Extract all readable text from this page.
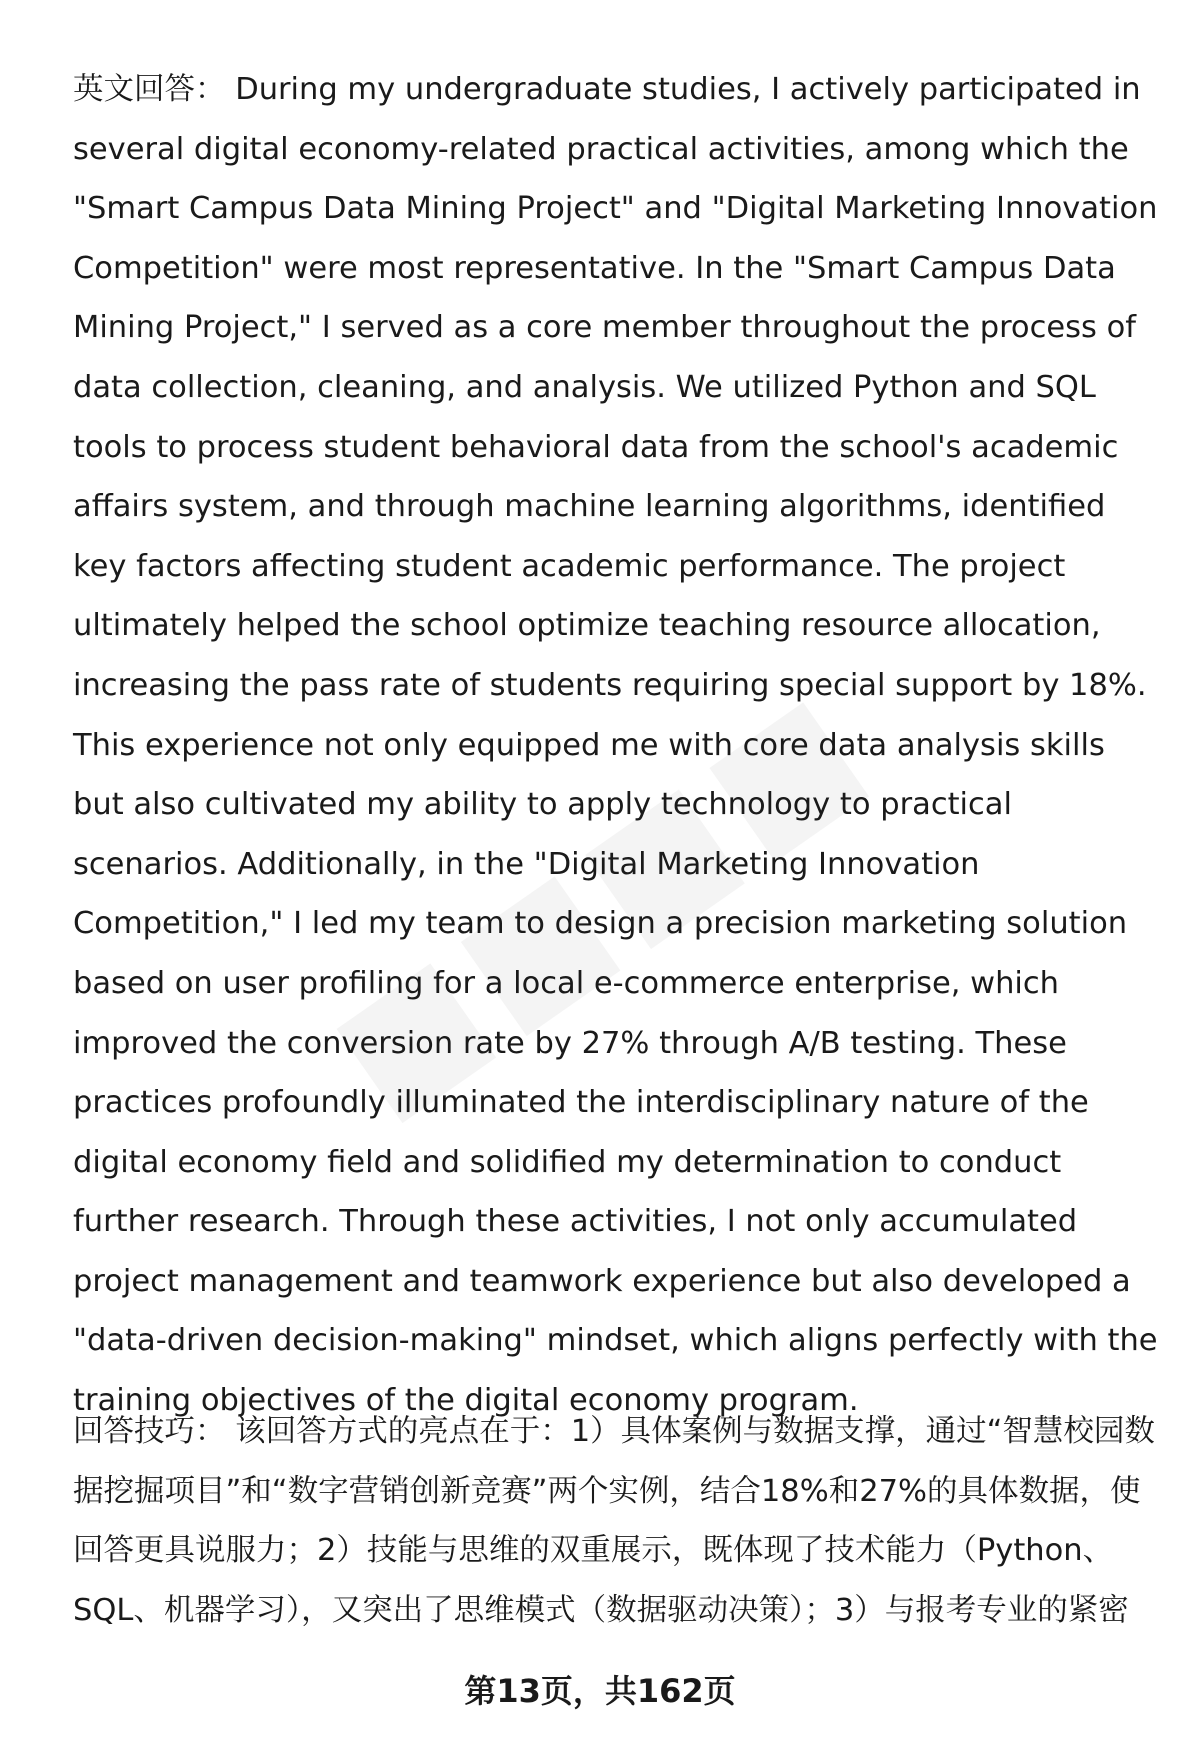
英文回答： During my undergraduate studies, I actively participated in several digital economy-related practical activities, among which the "Smart Campus Data Mining Project" and "Digital Marketing Innovation Competition" were most representative. In the "Smart Campus Data Mining Project," I served as a core member throughout the process of data collection, cleaning, and analysis. We utilized Python and SQL tools to process student behavioral data from the school's academic affairs system, and through machine learning algorithms, identified key factors affecting student academic performance. The project ultimately helped the school optimize teaching resource allocation, increasing the pass rate of students requiring special support by 18%. This experience not only equipped me with core data analysis skills but also cultivated my ability to apply technology to practical scenarios. Additionally, in the "Digital Marketing Innovation Competition," I led my team to design a precision marketing solution based on user profiling for a local e-commerce enterprise, which improved the conversion rate by 27% through A/B testing. These practices profoundly illuminated the interdisciplinary nature of the digital economy field and solidified my determination to conduct further research. Through these activities, I not only accumulated project management and teamwork experience but also developed a "data-driven decision-making" mindset, which aligns perfectly with the training objectives of the digital economy program.

回答技巧： 该回答方式的亮点在于：1）具体案例与数据支撑，通过“智慧校园数据挖掘项目”和“数字营销创新竞赛”两个实例，结合18%和27%的具体数据，使回答更具说服力；2）技能与思维的双重展示，既体现了技术能力（Python、SQL、机器学习），又突出了思维模式（数据驱动决策）；3）与报考专业的紧密

第13页，共162页
